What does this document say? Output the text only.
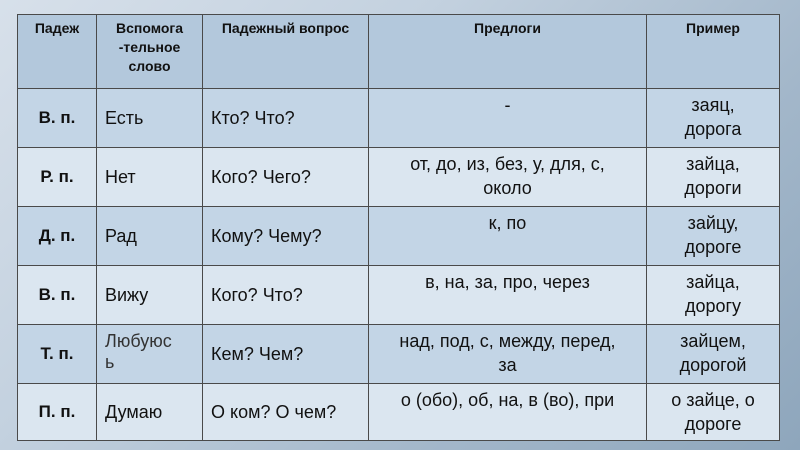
Падеж	Вспомога
-тельное
слово	Падежный вопрос	Предлоги	Пример
В. п.	Есть	Кто? Что?	-	заяц,
дорога
Р. п.	Нет	Кого? Чего?	от, до, из, без, у, для, с,
около	зайца,
дороги
Д. п.	Рад	Кому? Чему?	к, по	зайцу,
дороге
В. п.	Вижу	Кого? Что?	в, на, за, про, через	зайца,
дорогу
Т. п.	Любуюс
ь	Кем? Чем?	над, под, с, между, перед,
за	зайцем,
дорогой
П. п.	Думаю	О ком? О чем?	о (обо), об, на, в (во), при	о зайце, о
дороге
